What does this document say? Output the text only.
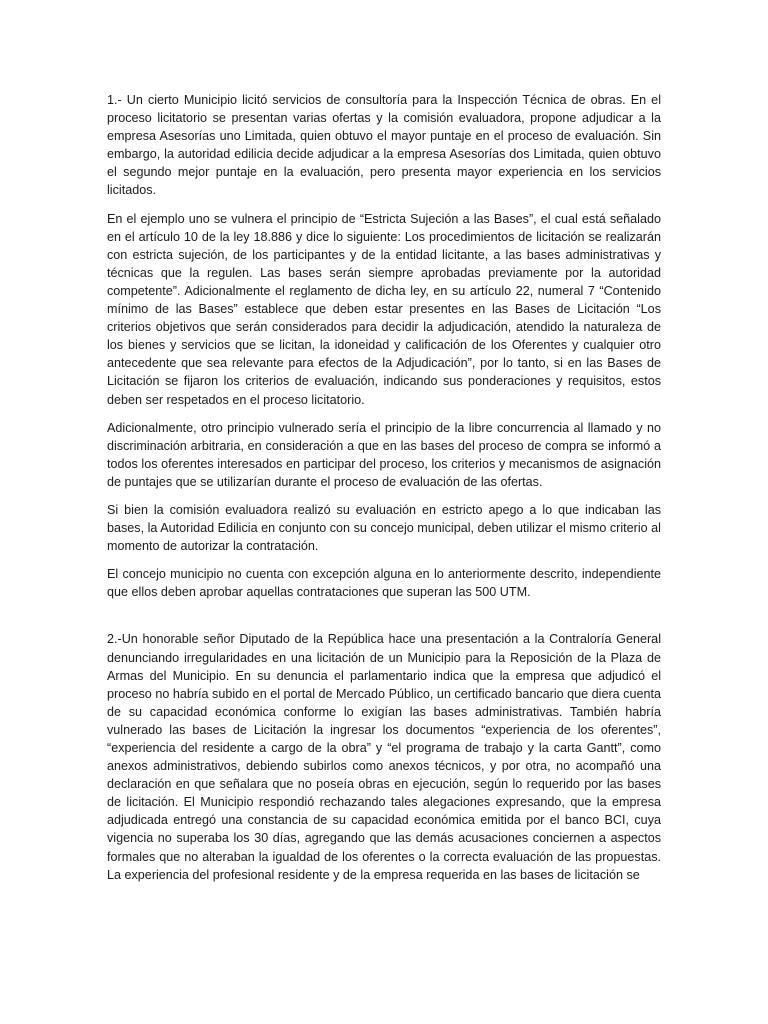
1.- Un cierto Municipio licitó servicios de consultoría para la Inspección Técnica de obras. En el proceso licitatorio se presentan varias ofertas y la comisión evaluadora, propone adjudicar a la empresa Asesorías uno Limitada, quien obtuvo el mayor puntaje en el proceso de evaluación. Sin embargo, la autoridad edilicia decide adjudicar a la empresa Asesorías dos Limitada, quien obtuvo el segundo mejor puntaje en la evaluación, pero presenta mayor experiencia en los servicios licitados.

En el ejemplo uno se vulnera el principio de “Estricta Sujeción a las Bases”, el cual está señalado en el artículo 10 de la ley 18.886 y dice lo siguiente: Los procedimientos de licitación se realizarán con estricta sujeción, de los participantes y de la entidad licitante, a las bases administrativas y técnicas que la regulen. Las bases serán siempre aprobadas previamente por la autoridad competente”. Adicionalmente el reglamento de dicha ley, en su artículo 22, numeral 7 “Contenido mínimo de las Bases” establece que deben estar presentes en las Bases de Licitación “Los criterios objetivos que serán considerados para decidir la adjudicación, atendido la naturaleza de los bienes y servicios que se licitan, la idoneidad y calificación de los Oferentes y cualquier otro antecedente que sea relevante para efectos de la Adjudicación”, por lo tanto, si en las Bases de Licitación se fijaron los criterios de evaluación, indicando sus ponderaciones y requisitos, estos deben ser respetados en el proceso licitatorio.

Adicionalmente, otro principio vulnerado sería el principio de la libre concurrencia al llamado y no discriminación arbitraria, en consideración a que en las bases del proceso de compra se informó a todos los oferentes interesados en participar del proceso, los criterios y mecanismos de asignación de puntajes que se utilizarían durante el proceso de evaluación de las ofertas.

Si bien la comisión evaluadora realizó su evaluación en estricto apego a lo que indicaban las bases, la Autoridad Edilicia en conjunto con su concejo municipal, deben utilizar el mismo criterio al momento de autorizar la contratación.

El concejo municipio no cuenta con excepción alguna en lo anteriormente descrito, independiente que ellos deben aprobar aquellas contrataciones que superan las 500 UTM.

2.-Un honorable señor Diputado de la República hace una presentación a la Contraloría General denunciando irregularidades en una licitación de un Municipio para la Reposición de la Plaza de Armas del Municipio. En su denuncia el parlamentario indica que la empresa que adjudicó el proceso no habría subido en el portal de Mercado Público, un certificado bancario que diera cuenta de su capacidad económica conforme lo exigían las bases administrativas. También habría vulnerado las bases de Licitación la ingresar los documentos “experiencia de los oferentes”, “experiencia del residente a cargo de la obra” y “el programa de trabajo y la carta Gantt”, como anexos administrativos, debiendo subirlos como anexos técnicos, y por otra, no acompañó una declaración en que señalara que no poseía obras en ejecución, según lo requerido por las bases de licitación. El Municipio respondió rechazando tales alegaciones expresando, que la empresa adjudicada entregó una constancia de su capacidad económica emitida por el banco BCI, cuya vigencia no superaba los 30 días, agregando que las demás acusaciones conciernen a aspectos formales que no alteraban la igualdad de los oferentes o la correcta evaluación de las propuestas. La experiencia del profesional residente y de la empresa requerida en las bases de licitación se
